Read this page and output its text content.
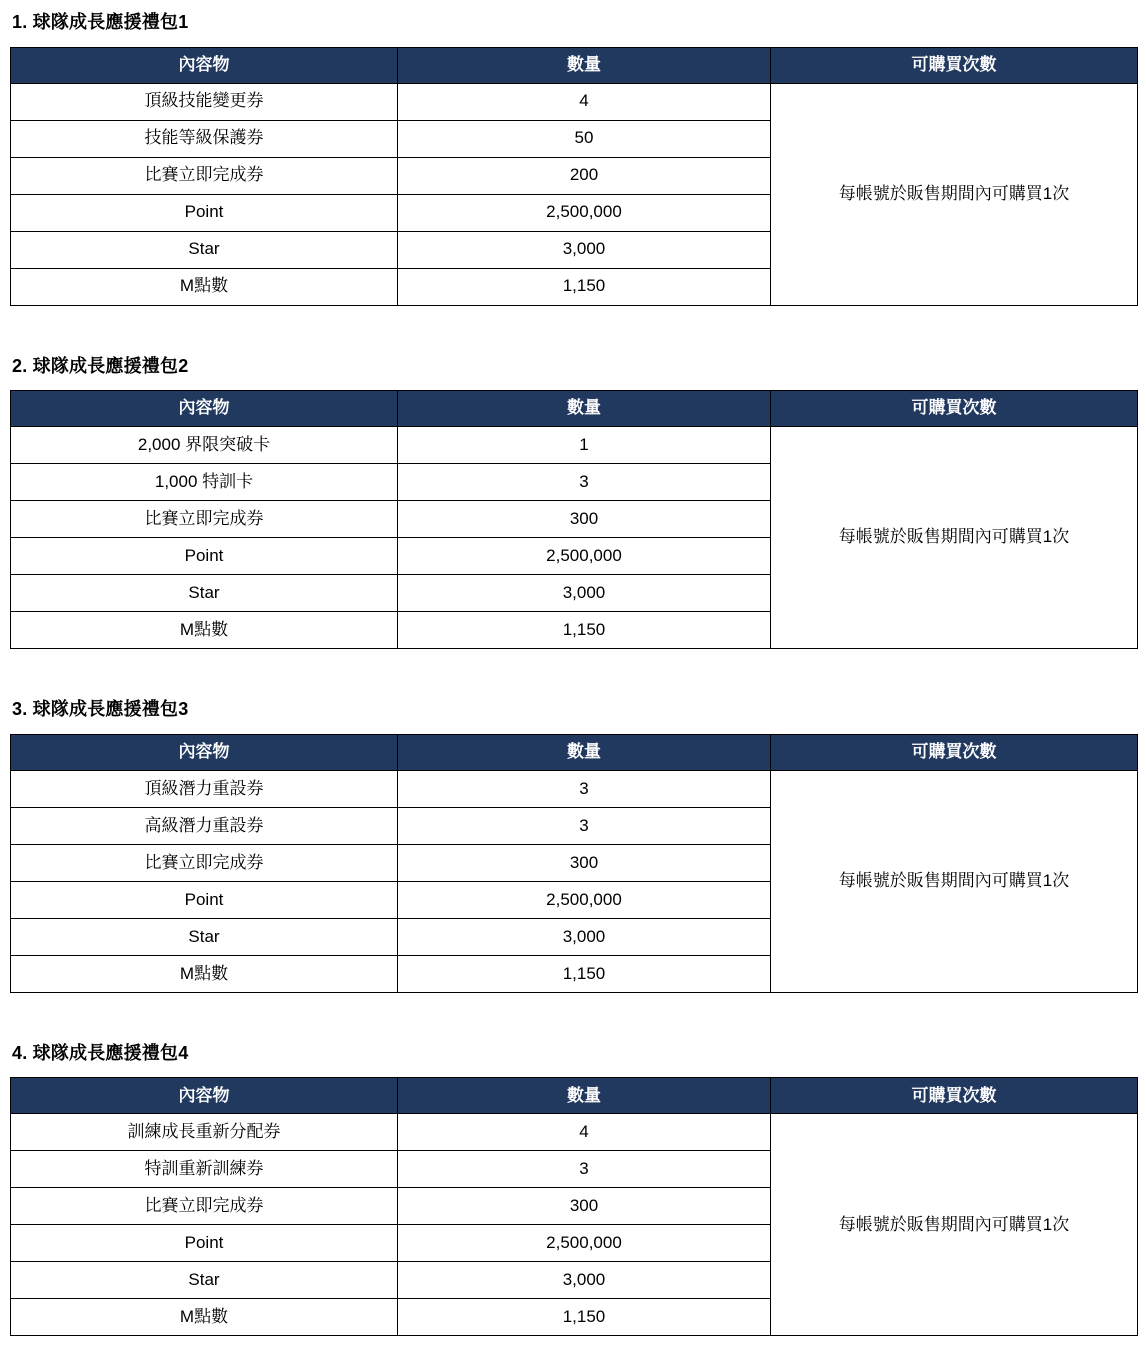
1. 球隊成長應援禮包1
內容物	數量	可購買次數
頂級技能變更券	4	每帳號於販售期間內可購買1次
技能等級保護券	50	
比賽立即完成券	200	
Point	2,500,000	
Star	3,000	
M點數	1,150	
2. 球隊成長應援禮包2
內容物	數量	可購買次數
2,000 界限突破卡	1	每帳號於販售期間內可購買1次
1,000 特訓卡	3	
比賽立即完成券	300	
Point	2,500,000	
Star	3,000	
M點數	1,150	
3. 球隊成長應援禮包3
內容物	數量	可購買次數
頂級潛力重設券	3	每帳號於販售期間內可購買1次
高級潛力重設券	3	
比賽立即完成券	300	
Point	2,500,000	
Star	3,000	
M點數	1,150	
4. 球隊成長應援禮包4
內容物	數量	可購買次數
訓練成長重新分配券	4	每帳號於販售期間內可購買1次
特訓重新訓練券	3	
比賽立即完成券	300	
Point	2,500,000	
Star	3,000	
M點數	1,150	
